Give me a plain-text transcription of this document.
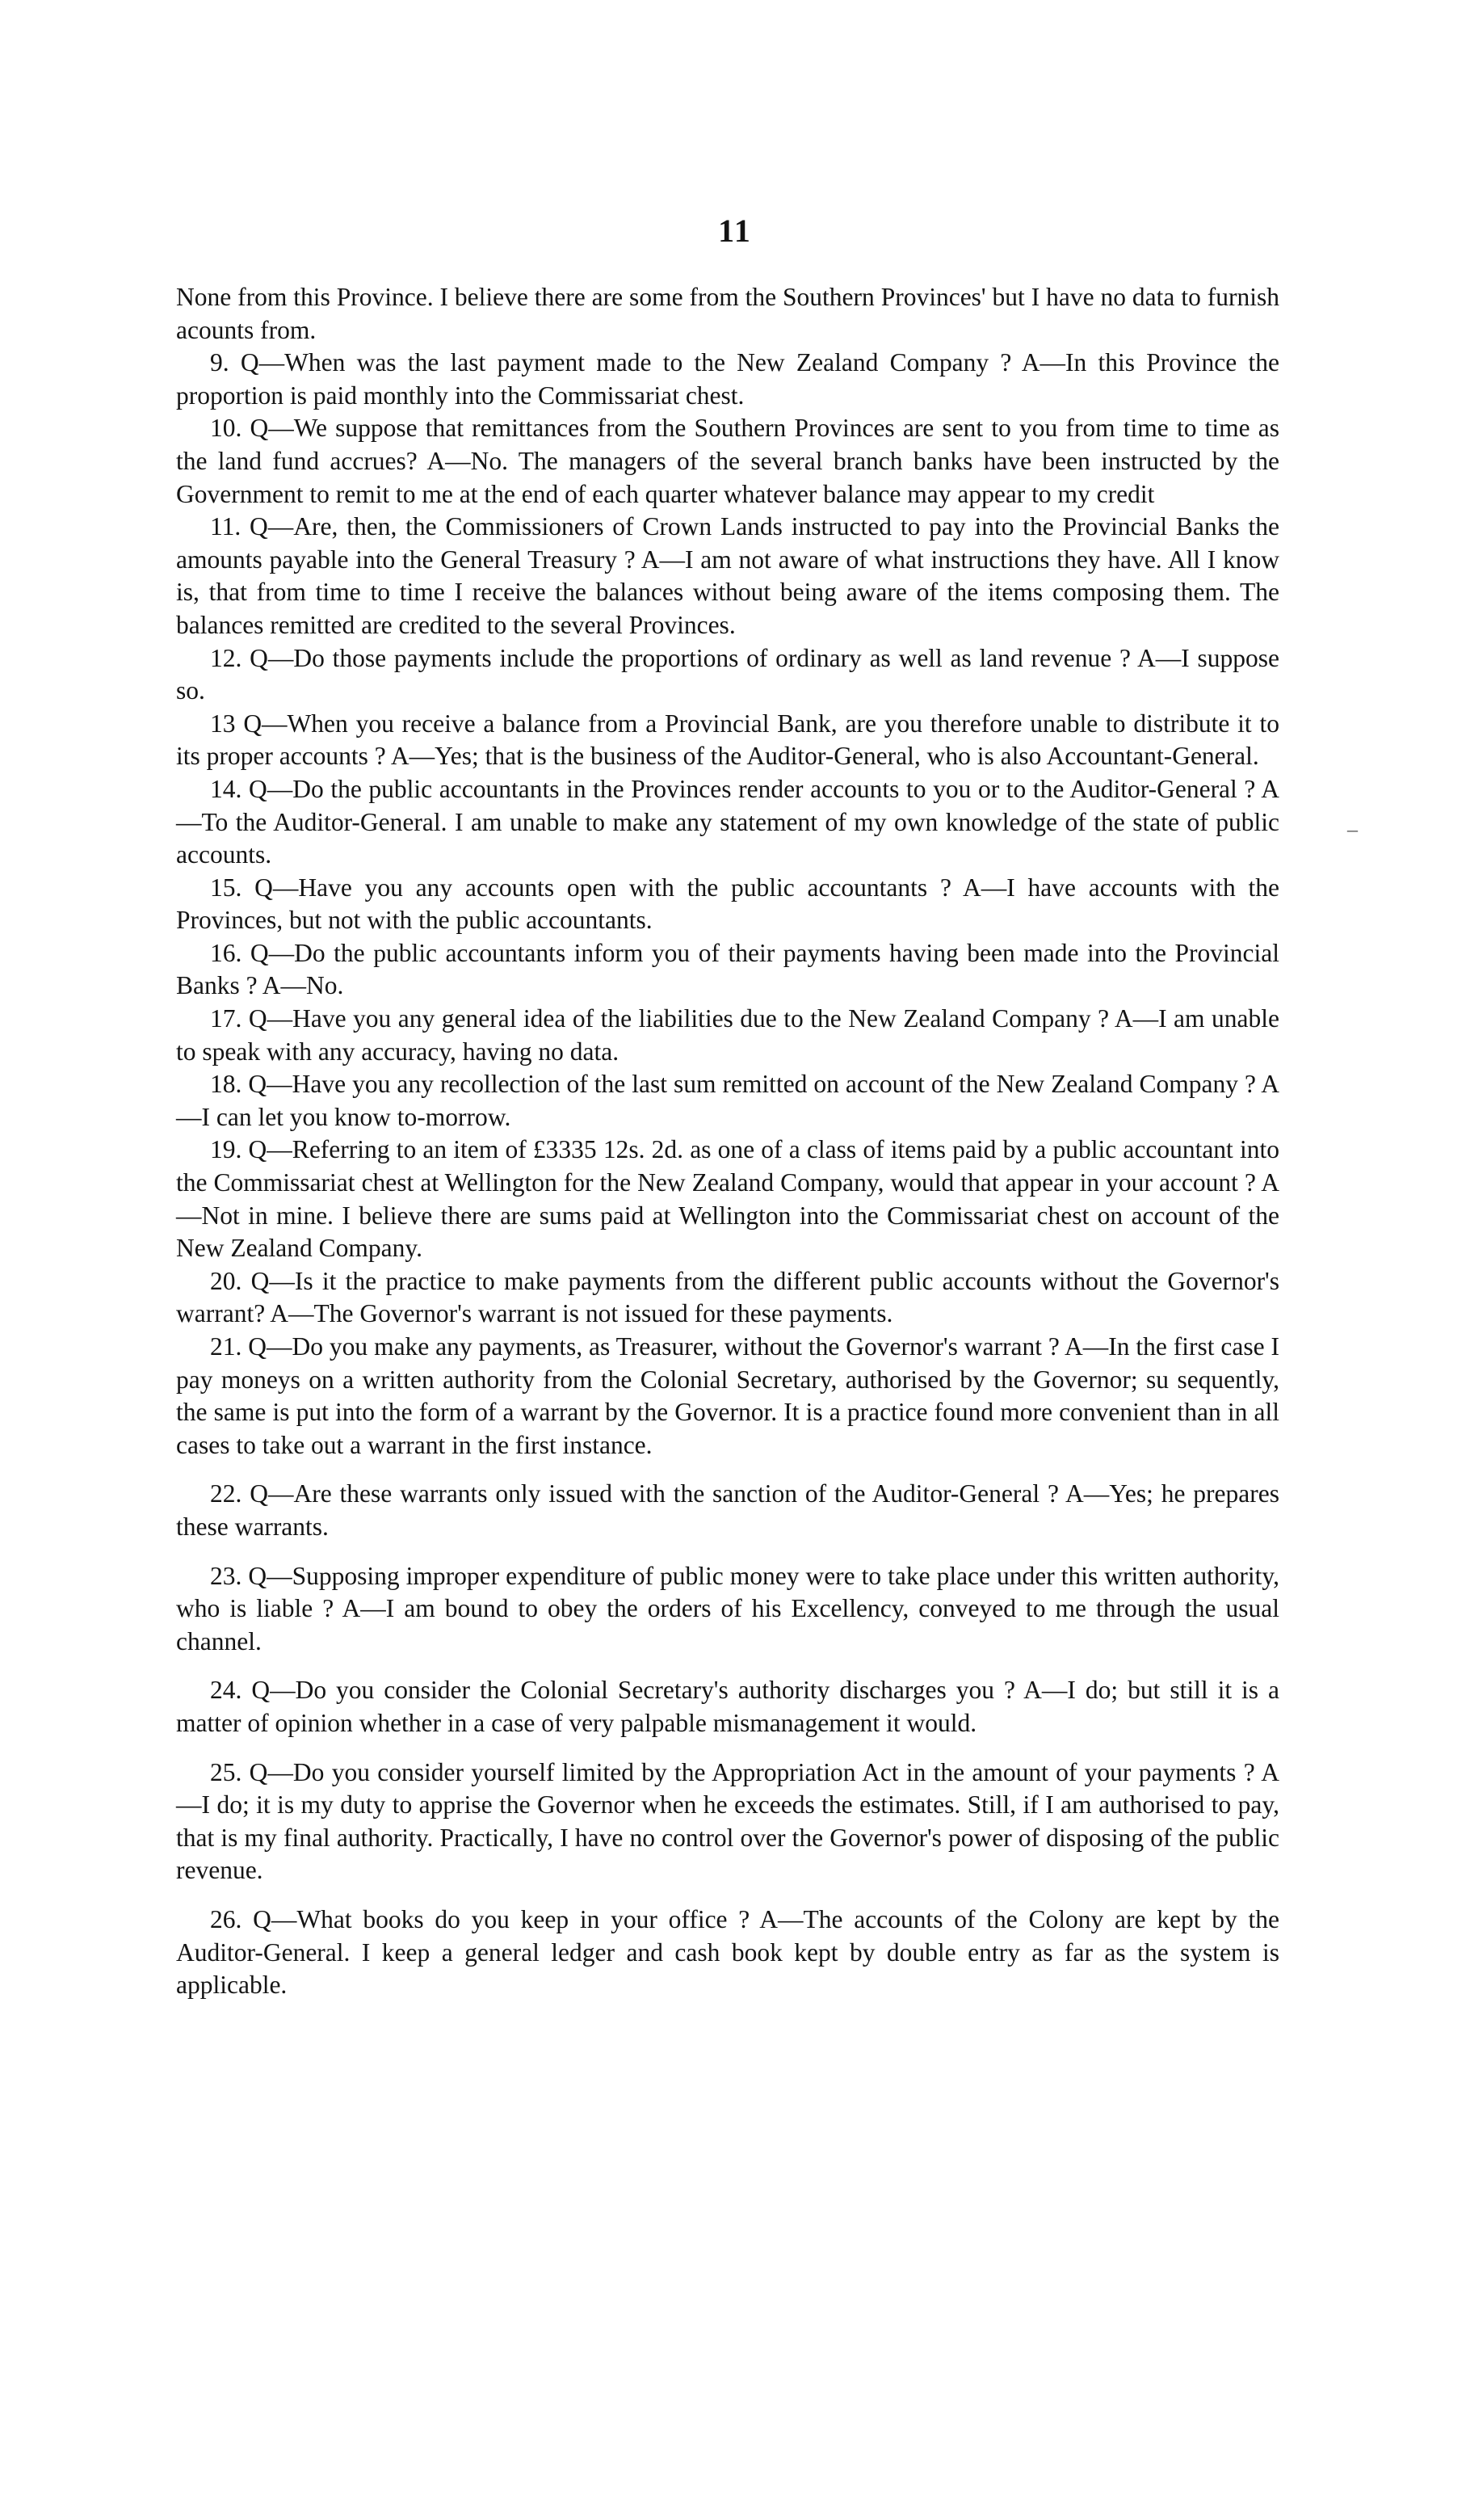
11
–

None from this Province. I believe there are some from the Southern Provinces' but I have no data to furnish acounts from.

9. Q—When was the last payment made to the New Zealand Company ? A—In this Province the proportion is paid monthly into the Commissariat chest.

10. Q—We suppose that remittances from the Southern Provinces are sent to you from time to time as the land fund accrues? A—No. The managers of the several branch banks have been instructed by the Government to remit to me at the end of each quarter whatever balance may appear to my credit

11. Q—Are, then, the Commissioners of Crown Lands instructed to pay into the Provincial Banks the amounts payable into the General Treasury ? A—I am not aware of what instructions they have. All I know is, that from time to time I receive the balances without being aware of the items composing them. The balances remitted are credited to the several Provinces.

12. Q—Do those payments include the proportions of ordinary as well as land revenue ? A—I suppose so.

13 Q—When you receive a balance from a Provincial Bank, are you therefore unable to distribute it to its proper accounts ? A—Yes; that is the business of the Auditor-General, who is also Accountant-General.

14. Q—Do the public accountants in the Provinces render accounts to you or to the Auditor-General ? A—To the Auditor-General. I am unable to make any statement of my own knowledge of the state of public accounts.

15. Q—Have you any accounts open with the public accountants ? A—I have accounts with the Provinces, but not with the public accountants.

16. Q—Do the public accountants inform you of their payments having been made into the Provincial Banks ? A—No.

17. Q—Have you any general idea of the liabilities due to the New Zealand Company ? A—I am unable to speak with any accuracy, having no data.

18. Q—Have you any recollection of the last sum remitted on account of the New Zealand Company ? A—I can let you know to-morrow.

19. Q—Referring to an item of £3335 12s. 2d. as one of a class of items paid by a public accountant into the Commissariat chest at Wellington for the New Zealand Company, would that appear in your account ? A—Not in mine. I believe there are sums paid at Wellington into the Commissariat chest on account of the New Zealand Company.

20. Q—Is it the practice to make payments from the different public accounts without the Governor's warrant? A—The Governor's warrant is not issued for these payments.

21. Q—Do you make any payments, as Treasurer, without the Governor's warrant ? A—In the first case I pay moneys on a written authority from the Colonial Secretary, authorised by the Governor; su sequently, the same is put into the form of a warrant by the Governor. It is a practice found more convenient than in all cases to take out a warrant in the first instance.

22. Q—Are these warrants only issued with the sanction of the Auditor-General ? A—Yes; he prepares these warrants.

23. Q—Supposing improper expenditure of public money were to take place under this written authority, who is liable ? A—I am bound to obey the orders of his Excellency, conveyed to me through the usual channel.

24. Q—Do you consider the Colonial Secretary's authority discharges you ? A—I do; but still it is a matter of opinion whether in a case of very palpable mismanagement it would.

25. Q—Do you consider yourself limited by the Appropriation Act in the amount of your payments ? A—I do; it is my duty to apprise the Governor when he exceeds the estimates. Still, if I am authorised to pay, that is my final authority. Practically, I have no control over the Governor's power of disposing of the public revenue.

26. Q—What books do you keep in your office ? A—The accounts of the Colony are kept by the Auditor-General. I keep a general ledger and cash book kept by double entry as far as the system is applicable.
